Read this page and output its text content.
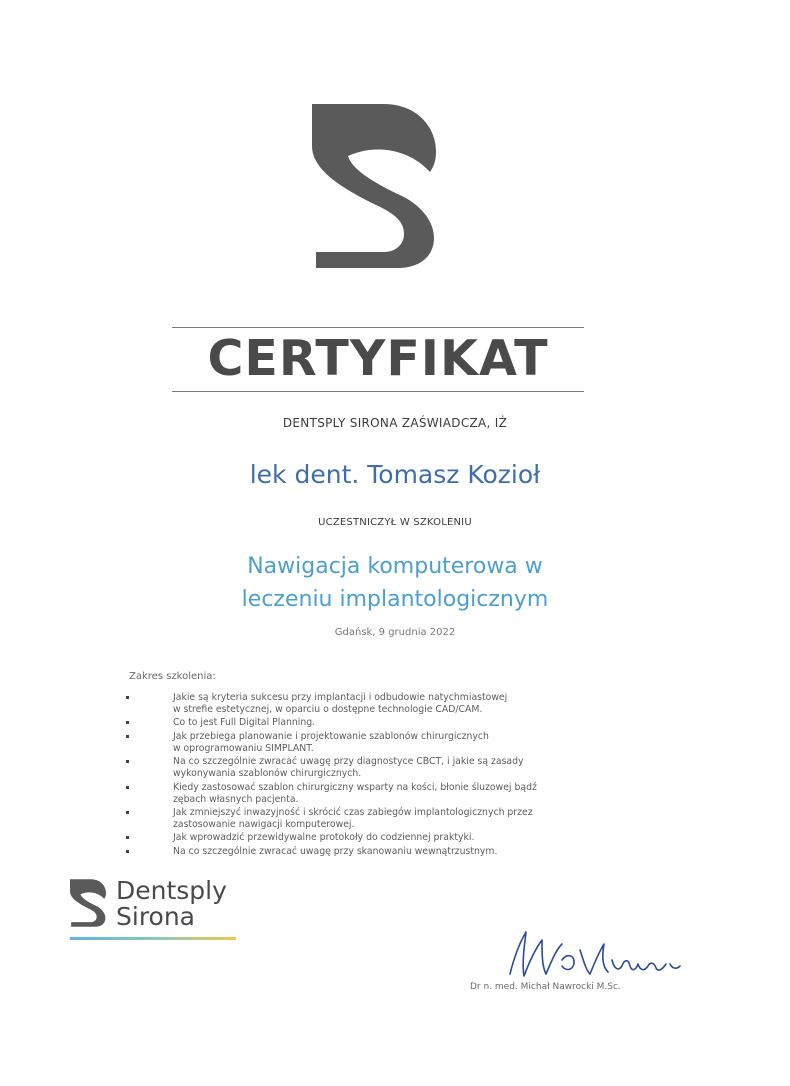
CERTYFIKAT
DENTSPLY SIRONA ZAŚWIADCZA, IŻ
lek dent. Tomasz Kozioł
UCZESTNICZYŁ W SZKOLENIU
Nawigacja komputerowa w
leczeniu implantologicznym
Gdańsk, 9 grudnia 2022
Zakres szkolenia:
Jakie są kryteria sukcesu przy implantacji i odbudowie natychmiastowej
w strefie estetycznej, w oparciu o dostępne technologie CAD/CAM.
Co to jest Full Digital Planning.
Jak przebiega planowanie i projektowanie szablonów chirurgicznych
w oprogramowaniu SIMPLANT.
Na co szczególnie zwracać uwagę przy diagnostyce CBCT, i jakie są zasady
wykonywania szablonów chirurgicznych.
Kiedy zastosować szablon chirurgiczny wsparty na kości, błonie śluzowej bądź
zębach własnych pacjenta.
Jak zmniejszyć inwazyjność i skrócić czas zabiegów implantologicznych przez
zastosowanie nawigacji komputerowej.
Jak wprowadzić przewidywalne protokoły do codziennej praktyki.
Na co szczególnie zwracać uwagę przy skanowaniu wewnątrzustnym.
Dentsply
Sirona
Dr n. med. Michał Nawrocki M.Sc.
